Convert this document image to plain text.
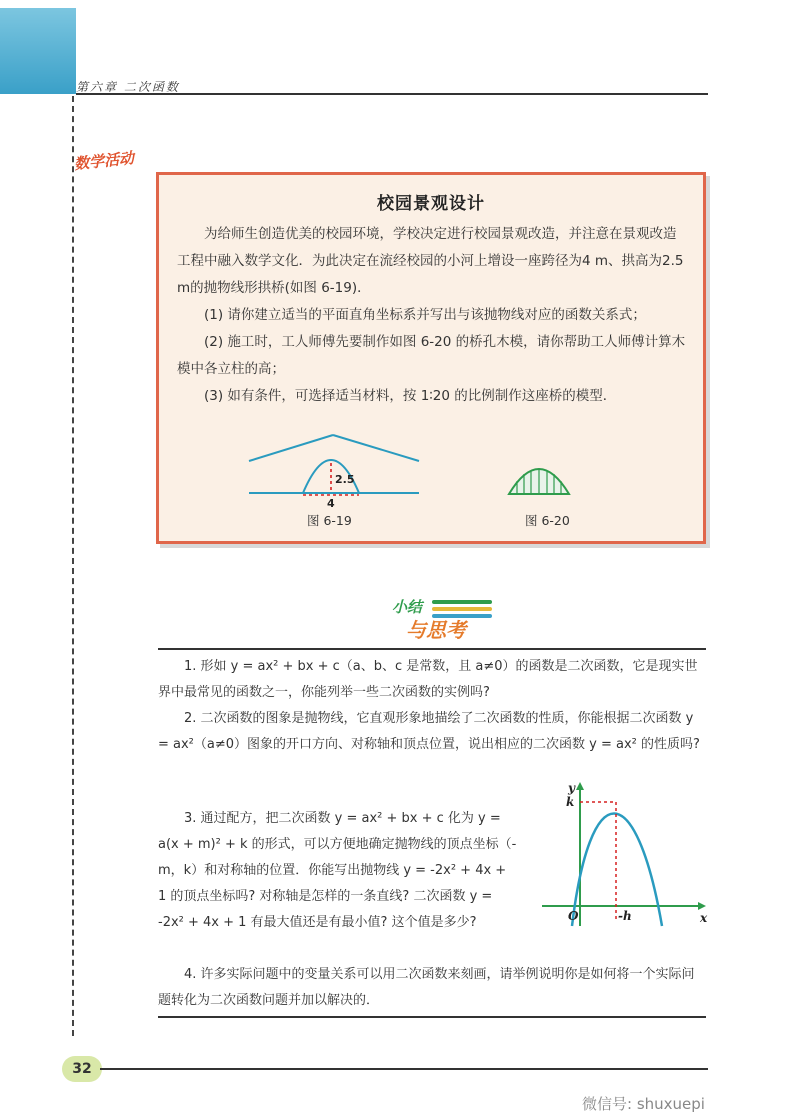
第六章 二次函数
数学活动
校园景观设计

为给师生创造优美的校园环境，学校决定进行校园景观改造，并注意在景观改造工程中融入数学文化．为此决定在流经校园的小河上增设一座跨径为4 m、拱高为2.5 m的抛物线形拱桥(如图 6-19)．

(1) 请你建立适当的平面直角坐标系并写出与该抛物线对应的函数关系式；

(2) 施工时，工人师傅先要制作如图 6-20 的桥孔木模，请你帮助工人师傅计算木模中各立柱的高；

(3) 如有条件，可选择适当材料，按 1∶20 的比例制作这座桥的模型．

2.5
4
图 6-19	图 6-20
小结
与思考

1. 形如 y = ax² + bx + c（a、b、c 是常数，且 a≠0）的函数是二次函数，它是现实世界中最常见的函数之一，你能列举一些二次函数的实例吗?

2. 二次函数的图象是抛物线，它直观形象地描绘了二次函数的性质，你能根据二次函数 y = ax²（a≠0）图象的开口方向、对称轴和顶点位置，说出相应的二次函数 y = ax² 的性质吗?

3. 通过配方，把二次函数 y = ax² + bx + c 化为 y = a(x + m)² + k 的形式，可以方便地确定抛物线的顶点坐标（-m，k）和对称轴的位置．你能写出抛物线 y = -2x² + 4x + 1 的顶点坐标吗? 对称轴是怎样的一条直线? 二次函数 y = -2x² + 4x + 1 有最大值还是有最小值? 这个值是多少?

y
x
k
O	-h

4. 许多实际问题中的变量关系可以用二次函数来刻画，请举例说明你是如何将一个实际问题转化为二次函数问题并加以解决的．

32
微信号: shuxuepi
